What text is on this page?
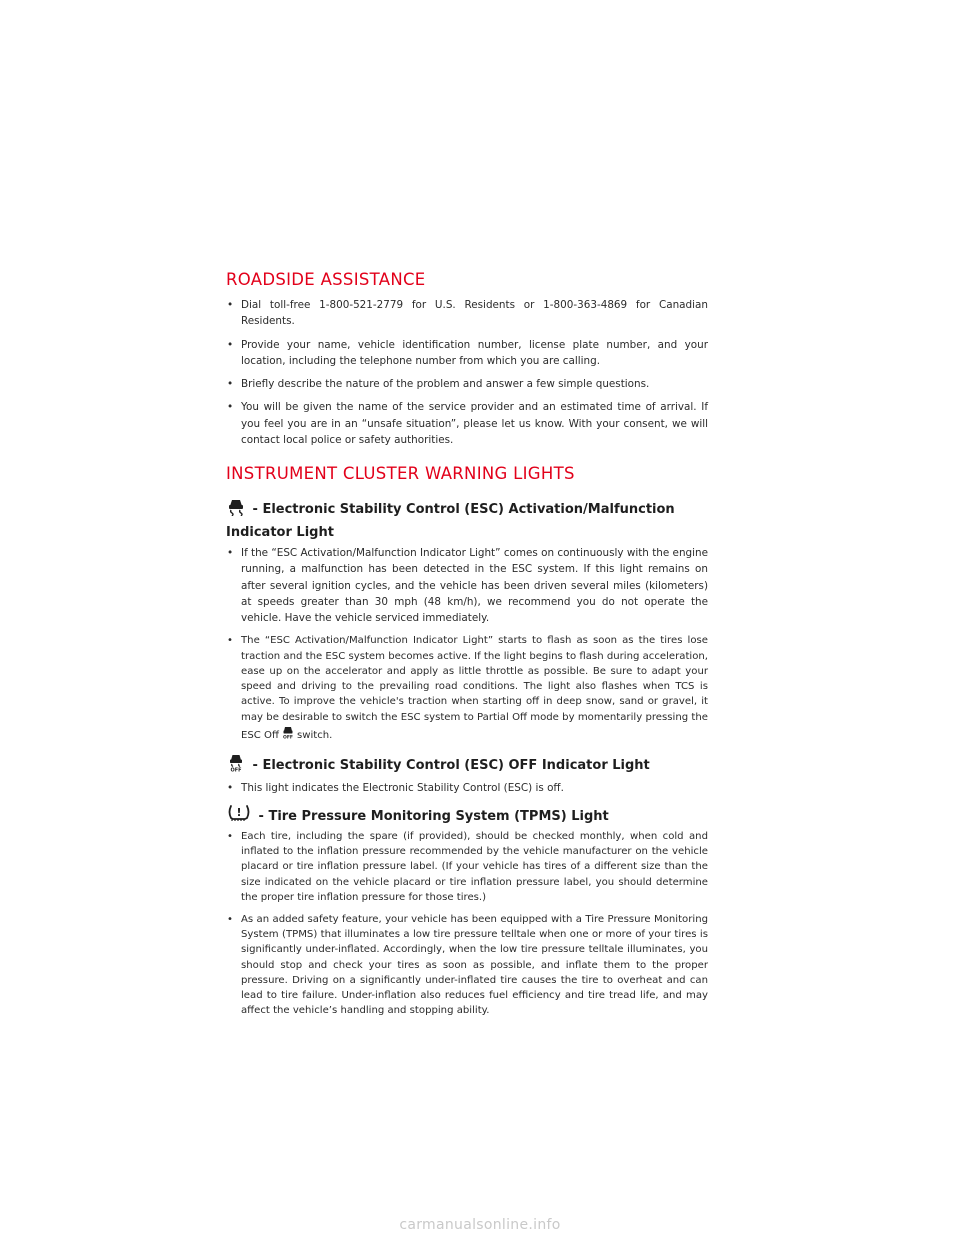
ROADSIDE ASSISTANCE
• Dial toll-free 1-800-521-2779 for U.S. Residents or 1-800-363-4869 for Canadian Residents.
• Provide your name, vehicle identification number, license plate number, and your location, including the telephone number from which you are calling.
• Briefly describe the nature of the problem and answer a few simple questions.
• You will be given the name of the service provider and an estimated time of arrival. If you feel you are in an “unsafe situation”, please let us know. With your consent, we will contact local police or safety authorities.
INSTRUMENT CLUSTER WARNING LIGHTS
- Electronic Stability Control (ESC) Activation/Malfunction Indicator Light
• If the “ESC Activation/Malfunction Indicator Light” comes on continuously with the engine running, a malfunction has been detected in the ESC system. If this light remains on after several ignition cycles, and the vehicle has been driven several miles (kilometers) at speeds greater than 30 mph (48 km/h), we recommend you do not operate the vehicle. Have the vehicle serviced immediately.
• The “ESC Activation/Malfunction Indicator Light” starts to flash as soon as the tires lose traction and the ESC system becomes active. If the light begins to flash during acceleration, ease up on the accelerator and apply as little throttle as possible. Be sure to adapt your speed and driving to the prevailing road conditions. The light also flashes when TCS is active. To improve the vehicle's traction when starting off in deep snow, sand or gravel, it may be desirable to switch the ESC system to Partial Off mode by momentarily pressing the ESC Off OFF switch.
OFF - Electronic Stability Control (ESC) OFF Indicator Light
• This light indicates the Electronic Stability Control (ESC) is off.
! - Tire Pressure Monitoring System (TPMS) Light
• Each tire, including the spare (if provided), should be checked monthly, when cold and inflated to the inflation pressure recommended by the vehicle manufacturer on the vehicle placard or tire inflation pressure label. (If your vehicle has tires of a different size than the size indicated on the vehicle placard or tire inflation pressure label, you should determine the proper tire inflation pressure for those tires.)
• As an added safety feature, your vehicle has been equipped with a Tire Pressure Monitoring System (TPMS) that illuminates a low tire pressure telltale when one or more of your tires is significantly under-inflated. Accordingly, when the low tire pressure telltale illuminates, you should stop and check your tires as soon as possible, and inflate them to the proper pressure. Driving on a significantly under-inflated tire causes the tire to overheat and can lead to tire failure. Under-inflation also reduces fuel efficiency and tire tread life, and may affect the vehicle’s handling and stopping ability.
carmanualsonline.info
